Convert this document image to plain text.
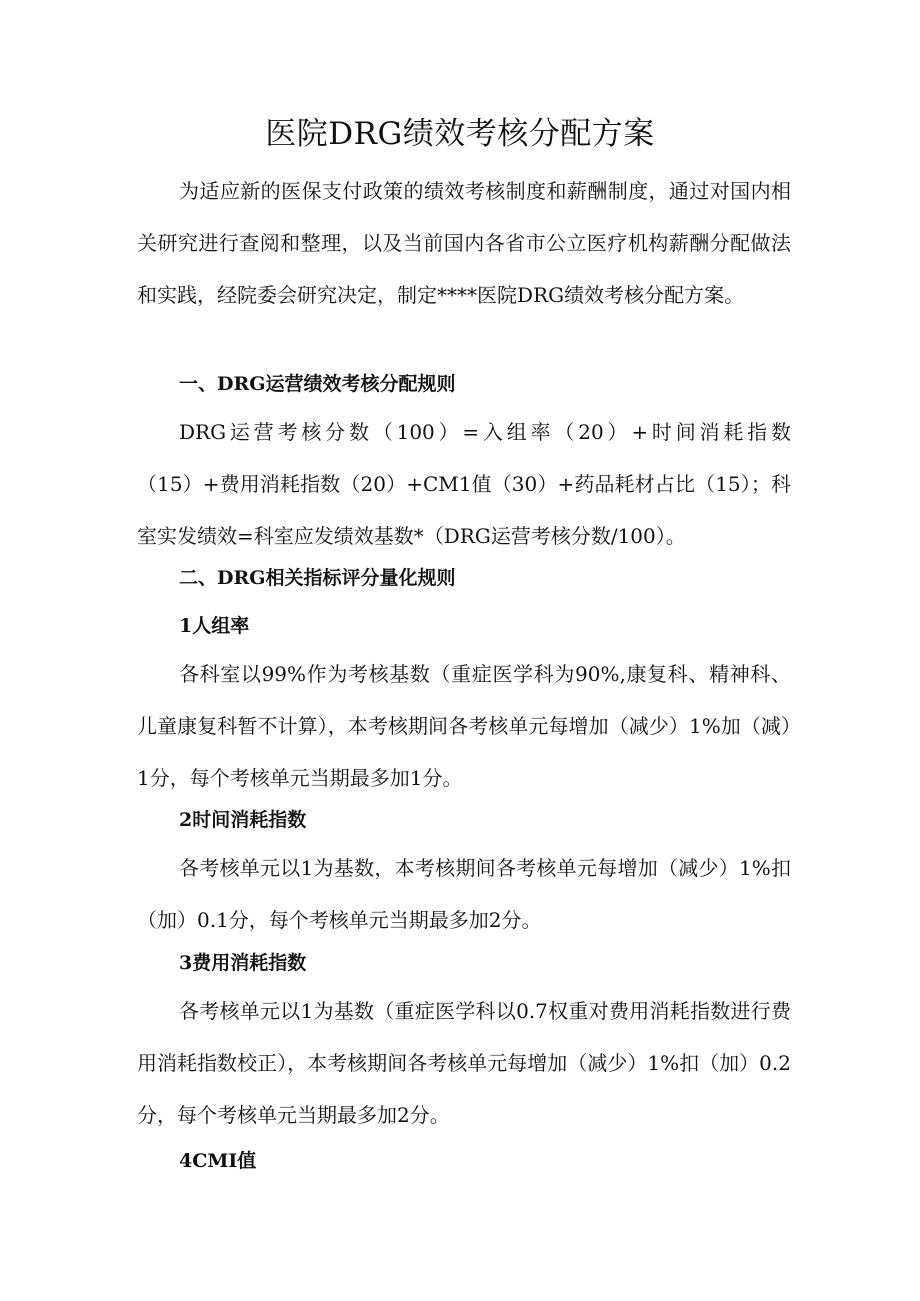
医院DRG绩效考核分配方案

为适应新的医保支付政策的绩效考核制度和薪酬制度，通过对国内相关研究进行查阅和整理，以及当前国内各省市公立医疗机构薪酬分配做法和实践，经院委会研究决定，制定****医院DRG绩效考核分配方案。

一、DRG运营绩效考核分配规则

DRG运营考核分数（100）=入组率（20）+时间消耗指数（15）+费用消耗指数（20）+CM1值（30）+药品耗材占比（15）；科室实发绩效=科室应发绩效基数*（DRG运营考核分数/100）。

二、DRG相关指标评分量化规则

1人组率

各科室以99%作为考核基数（重症医学科为90%,康复科、精神科、儿童康复科暂不计算），本考核期间各考核单元每增加（减少）1%加（减）1分，每个考核单元当期最多加1分。

2时间消耗指数

各考核单元以1为基数，本考核期间各考核单元每增加（减少）1%扣（加）0.1分，每个考核单元当期最多加2分。

3费用消耗指数

各考核单元以1为基数（重症医学科以0.7权重对费用消耗指数进行费用消耗指数校正），本考核期间各考核单元每增加（减少）1%扣（加）0.2分，每个考核单元当期最多加2分。

4CMI值
